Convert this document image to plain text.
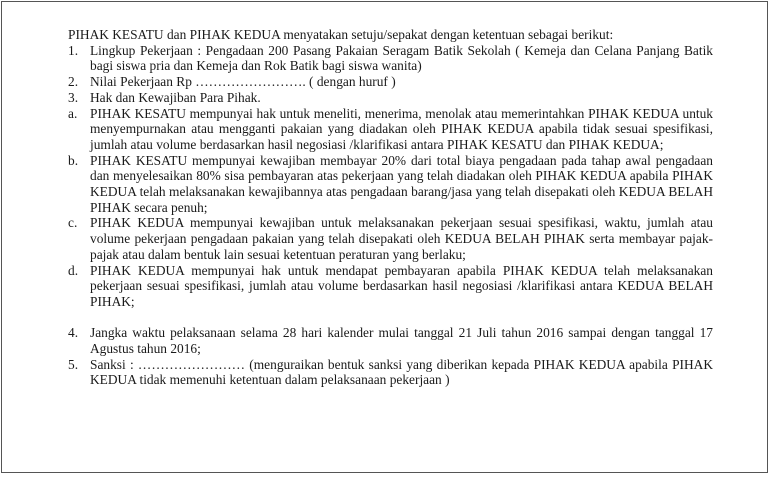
PIHAK KESATU dan PIHAK KEDUA menyatakan setuju/sepakat dengan ketentuan sebagai berikut:

1. Lingkup Pekerjaan : Pengadaan 200 Pasang Pakaian Seragam Batik Sekolah ( Kemeja dan Celana Panjang Batik bagi siswa pria dan Kemeja dan Rok Batik bagi siswa wanita)
2. Nilai Pekerjaan Rp ……………………. ( dengan huruf )
3. Hak dan Kewajiban Para Pihak.
a. PIHAK KESATU mempunyai hak untuk meneliti, menerima, menolak atau memerintahkan PIHAK KEDUA untuk menyempurnakan atau mengganti pakaian yang diadakan oleh PIHAK KEDUA apabila tidak sesuai spesifikasi, jumlah atau volume berdasarkan hasil negosiasi /klarifikasi antara PIHAK KESATU dan PIHAK KEDUA;
b. PIHAK KESATU mempunyai kewajiban membayar 20% dari total biaya pengadaan pada tahap awal pengadaan dan menyelesaikan 80% sisa pembayaran atas pekerjaan yang telah diadakan oleh PIHAK KEDUA apabila PIHAK KEDUA telah melaksanakan kewajibannya atas pengadaan barang/jasa yang telah disepakati oleh KEDUA BELAH PIHAK secara penuh;
c. PIHAK KEDUA mempunyai kewajiban untuk melaksanakan pekerjaan sesuai spesifikasi, waktu, jumlah atau volume pekerjaan pengadaan pakaian yang telah disepakati oleh KEDUA BELAH PIHAK serta membayar pajak-pajak atau dalam bentuk lain sesuai ketentuan peraturan yang berlaku;
d. PIHAK KEDUA mempunyai hak untuk mendapat pembayaran apabila PIHAK KEDUA telah melaksanakan pekerjaan sesuai spesifikasi, jumlah atau volume berdasarkan hasil negosiasi /klarifikasi antara KEDUA BELAH PIHAK;
4. Jangka waktu pelaksanaan selama 28 hari kalender mulai tanggal 21 Juli tahun 2016 sampai dengan tanggal 17 Agustus tahun 2016;
5. Sanksi : …………………… (menguraikan bentuk sanksi yang diberikan kepada PIHAK KEDUA apabila PIHAK KEDUA tidak memenuhi ketentuan dalam pelaksanaan pekerjaan )
